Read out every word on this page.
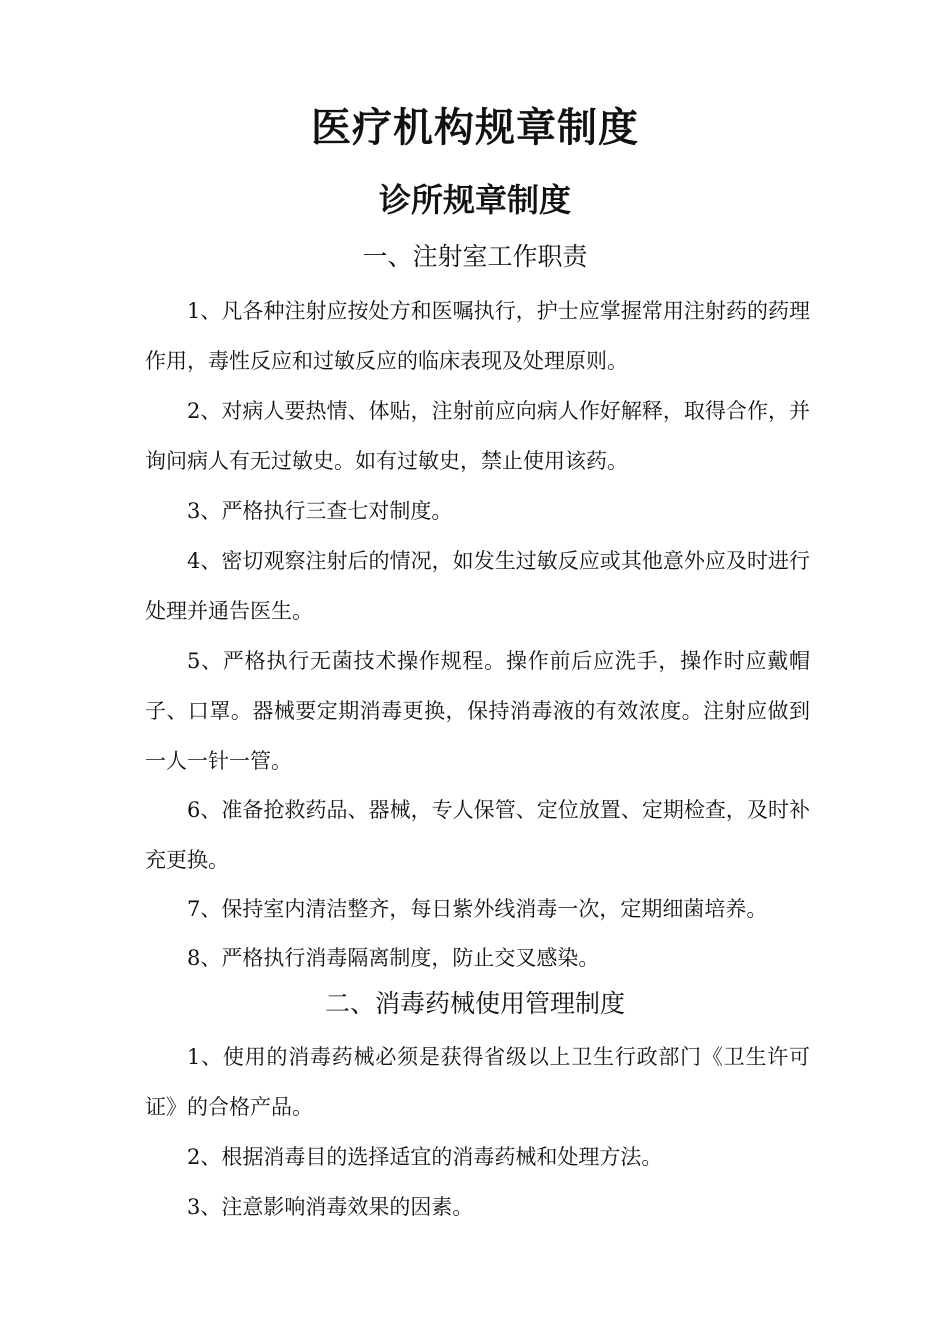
医疗机构规章制度
诊所规章制度
一、注射室工作职责

1、凡各种注射应按处方和医嘱执行，护士应掌握常用注射药的药理作用，毒性反应和过敏反应的临床表现及处理原则。

2、对病人要热情、体贴，注射前应向病人作好解释，取得合作，并询问病人有无过敏史。如有过敏史，禁止使用该药。

3、严格执行三查七对制度。

4、密切观察注射后的情况，如发生过敏反应或其他意外应及时进行处理并通告医生。

5、严格执行无菌技术操作规程。操作前后应洗手，操作时应戴帽子、口罩。器械要定期消毒更换，保持消毒液的有效浓度。注射应做到一人一针一管。

6、准备抢救药品、器械，专人保管、定位放置、定期检查，及时补充更换。

7、保持室内清洁整齐，每日紫外线消毒一次，定期细菌培养。

8、严格执行消毒隔离制度，防止交叉感染。

二、消毒药械使用管理制度

1、使用的消毒药械必须是获得省级以上卫生行政部门《卫生许可证》的合格产品。

2、根据消毒目的选择适宜的消毒药械和处理方法。

3、注意影响消毒效果的因素。
